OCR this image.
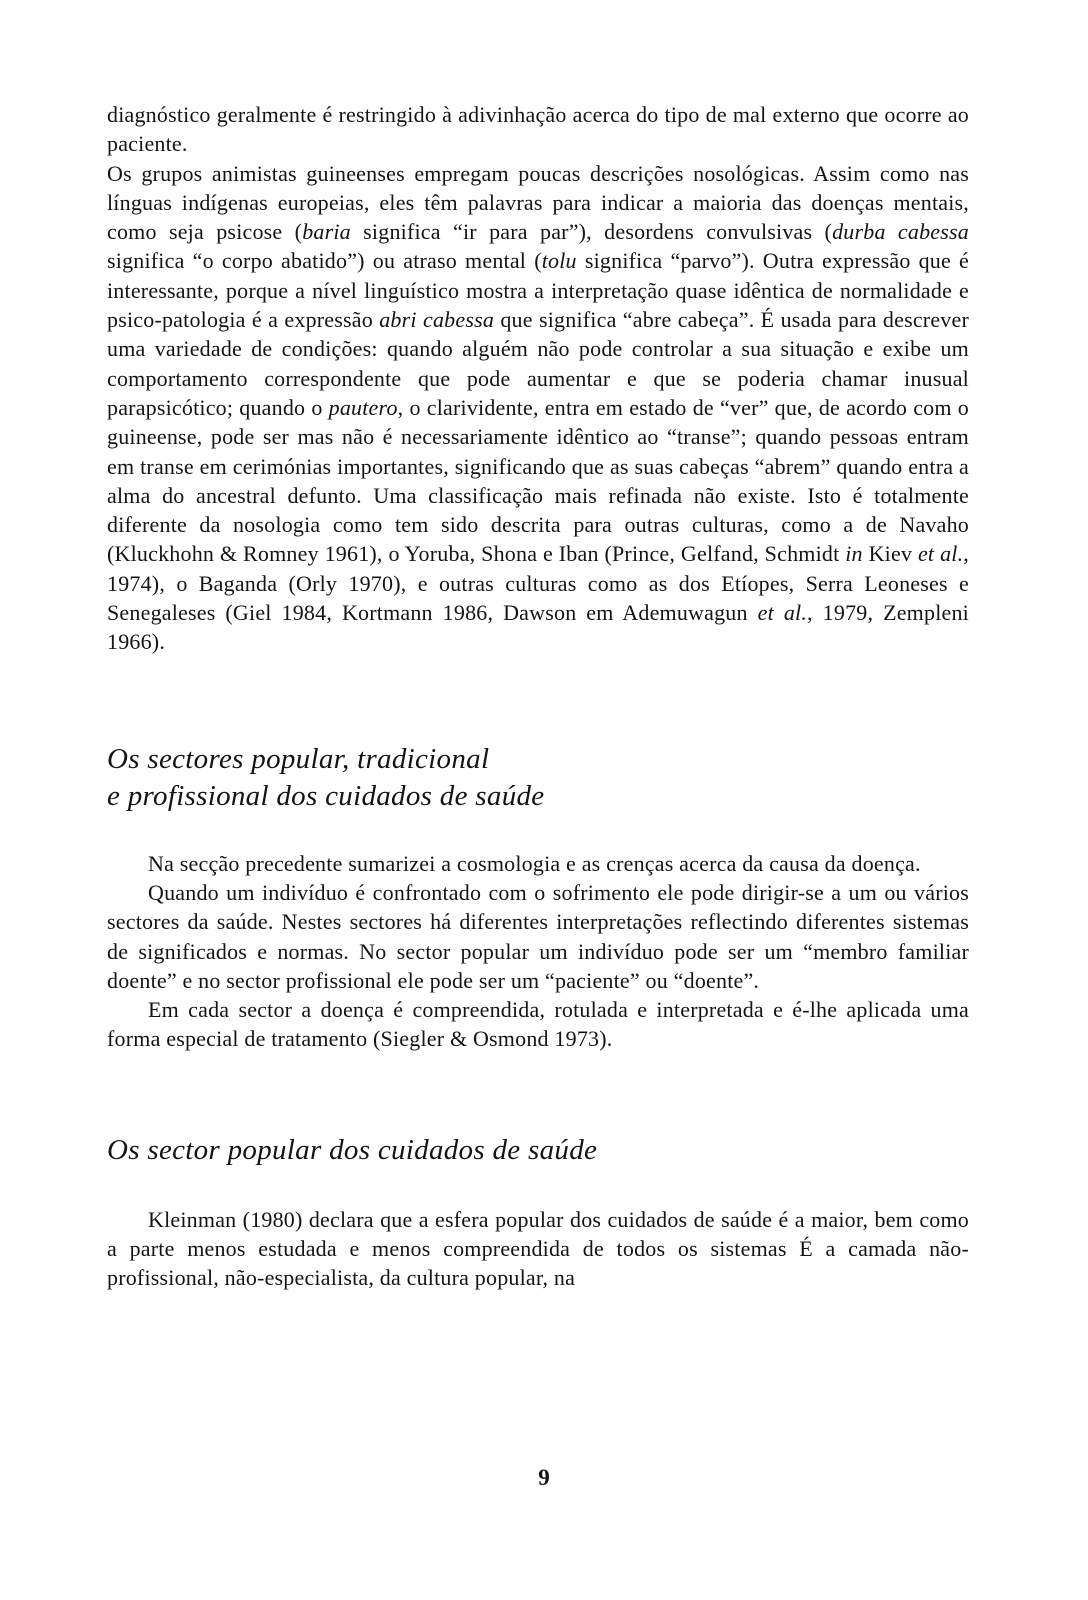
diagnóstico geralmente é restringido à adivinhação acerca do tipo de mal externo que ocorre ao paciente.

Os grupos animistas guineenses empregam poucas descrições nosológicas. Assim como nas línguas indígenas europeias, eles têm palavras para indicar a maioria das doenças mentais, como seja psicose (baria significa “ir para par”), desordens convulsivas (durba cabessa significa “o corpo abatido”) ou atraso mental (tolu significa “parvo”). Outra expressão que é interessante, porque a nível linguístico mostra a interpretação quase idêntica de normalidade e psico-patologia é a expressão abri cabessa que significa “abre cabeça”. É usada para descrever uma variedade de condições: quando alguém não pode controlar a sua situação e exibe um comportamento correspondente que pode aumentar e que se poderia chamar inusual parapsicótico; quando o pautero, o clarividente, entra em estado de “ver” que, de acordo com o guineense, pode ser mas não é necessariamente idêntico ao “transe”; quando pessoas entram em transe em cerimónias importantes, significando que as suas cabeças “abrem” quando entra a alma do ancestral defunto. Uma classificação mais refinada não existe. Isto é totalmente diferente da nosologia como tem sido descrita para outras culturas, como a de Navaho (Kluckhohn & Romney 1961), o Yoruba, Shona e Iban (Prince, Gelfand, Schmidt in Kiev et al., 1974), o Baganda (Orly 1970), e outras culturas como as dos Etíopes, Serra Leoneses e Senegaleses (Giel 1984, Kortmann 1986, Dawson em Ademuwagun et al., 1979, Zempleni 1966).

Os sectores popular, tradicional
e profissional dos cuidados de saúde

Na secção precedente sumarizei a cosmologia e as crenças acerca da causa da doença.

Quando um indivíduo é confrontado com o sofrimento ele pode dirigir-se a um ou vários sectores da saúde. Nestes sectores há diferentes interpretações reflectindo diferentes sistemas de significados e normas. No sector popular um indivíduo pode ser um “membro familiar doente” e no sector profissional ele pode ser um “paciente” ou “doente”.

Em cada sector a doença é compreendida, rotulada e interpretada e é-lhe aplicada uma forma especial de tratamento (Siegler & Osmond 1973).

Os sector popular dos cuidados de saúde

Kleinman (1980) declara que a esfera popular dos cuidados de saúde é a maior, bem como a parte menos estudada e menos compreendida de todos os sistemas É a camada não-profissional, não-especialista, da cultura popular, na

9
